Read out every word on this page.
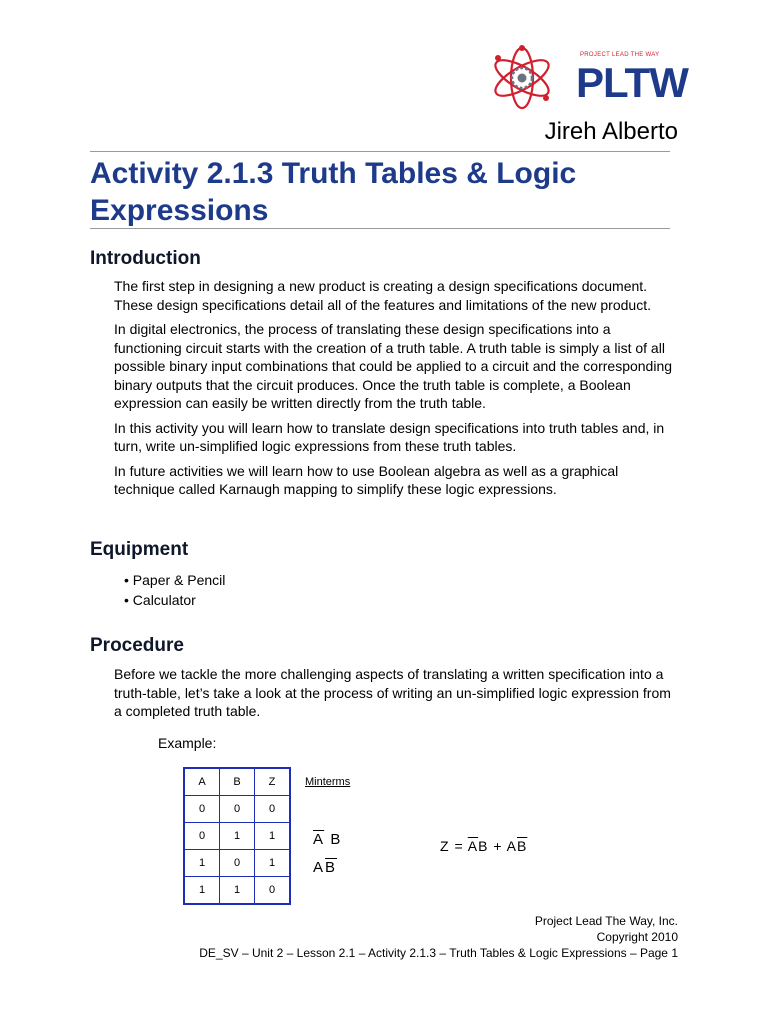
PROJECT LEAD THE WAY
PLTW
Jireh Alberto
Activity 2.1.3 Truth Tables & Logic Expressions
Introduction

The first step in designing a new product is creating a design specifications document. These design specifications detail all of the features and limitations of the new product.

In digital electronics, the process of translating these design specifications into a functioning circuit starts with the creation of a truth table. A truth table is simply a list of all possible binary input combinations that could be applied to a circuit and the corresponding binary outputs that the circuit produces. Once the truth table is complete, a Boolean expression can easily be written directly from the truth table.

In this activity you will learn how to translate design specifications into truth tables and, in turn, write un-simplified logic expressions from these truth tables.

In future activities we will learn how to use Boolean algebra as well as a graphical technique called Karnaugh mapping to simplify these logic expressions.

Equipment
• Paper & Pencil
• Calculator
Procedure

Before we tackle the more challenging aspects of translating a written specification into a truth-table, let’s take a look at the process of writing an un-simplified logic expression from a completed truth table.

Example:
A	B	Z
0	0	0
0	1	1
1	0	1
1	1	0
Minterms
$\overline{A}$ B
$A\overline{B}$
$Z = \overline{A}B + A\overline{B}$
Project Lead The Way, Inc.
Copyright 2010
DE_SV – Unit 2 – Lesson 2.1 – Activity 2.1.3 – Truth Tables & Logic Expressions – Page 1
